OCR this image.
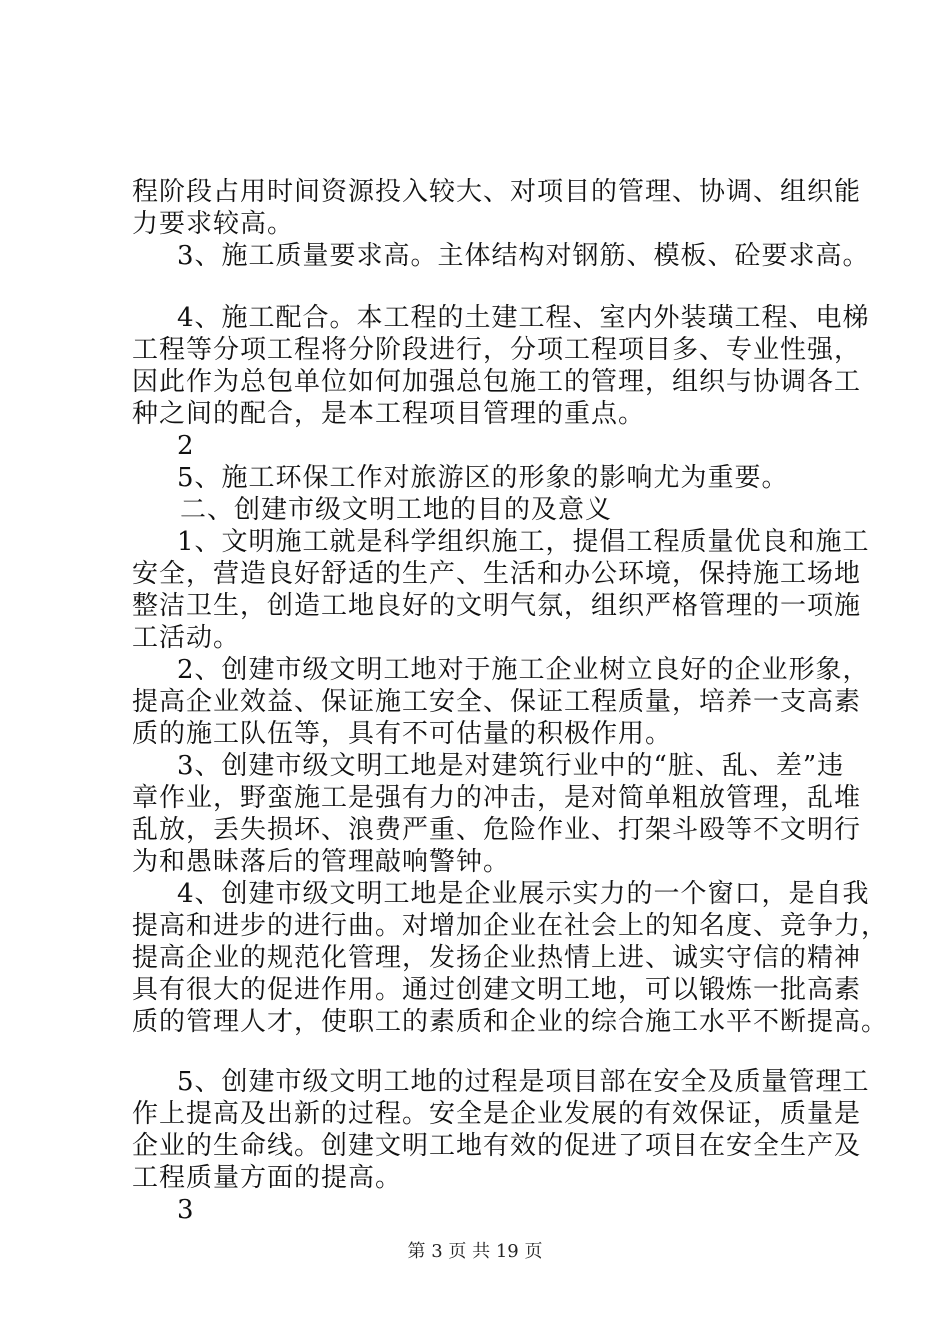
程阶段占用时间资源投入较大、对项目的管理、协调、组织能
力要求较高。
3、施工质量要求高。主体结构对钢筋、模板、砼要求高。
4、施工配合。本工程的土建工程、室内外装璜工程、电梯
工程等分项工程将分阶段进行，分项工程项目多、专业性强，
因此作为总包单位如何加强总包施工的管理，组织与协调各工
种之间的配合，是本工程项目管理的重点。
2
5、施工环保工作对旅游区的形象的影响尤为重要。
二、创建市级文明工地的目的及意义
1、文明施工就是科学组织施工，提倡工程质量优良和施工
安全，营造良好舒适的生产、生活和办公环境，保持施工场地
整洁卫生，创造工地良好的文明气氛，组织严格管理的一项施
工活动。
2、创建市级文明工地对于施工企业树立良好的企业形象，
提高企业效益、保证施工安全、保证工程质量，培养一支高素
质的施工队伍等，具有不可估量的积极作用。
3、创建市级文明工地是对建筑行业中的“脏、乱、差”违
章作业，野蛮施工是强有力的冲击，是对简单粗放管理，乱堆
乱放，丢失损坏、浪费严重、危险作业、打架斗殴等不文明行
为和愚昧落后的管理敲响警钟。
4、创建市级文明工地是企业展示实力的一个窗口，是自我
提高和进步的进行曲。对增加企业在社会上的知名度、竞争力，
提高企业的规范化管理，发扬企业热情上进、诚实守信的精神
具有很大的促进作用。通过创建文明工地，可以锻炼一批高素
质的管理人才，使职工的素质和企业的综合施工水平不断提高。
5、创建市级文明工地的过程是项目部在安全及质量管理工
作上提高及出新的过程。安全是企业发展的有效保证，质量是
企业的生命线。创建文明工地有效的促进了项目在安全生产及
工程质量方面的提高。
3
第 3 页 共 19 页
